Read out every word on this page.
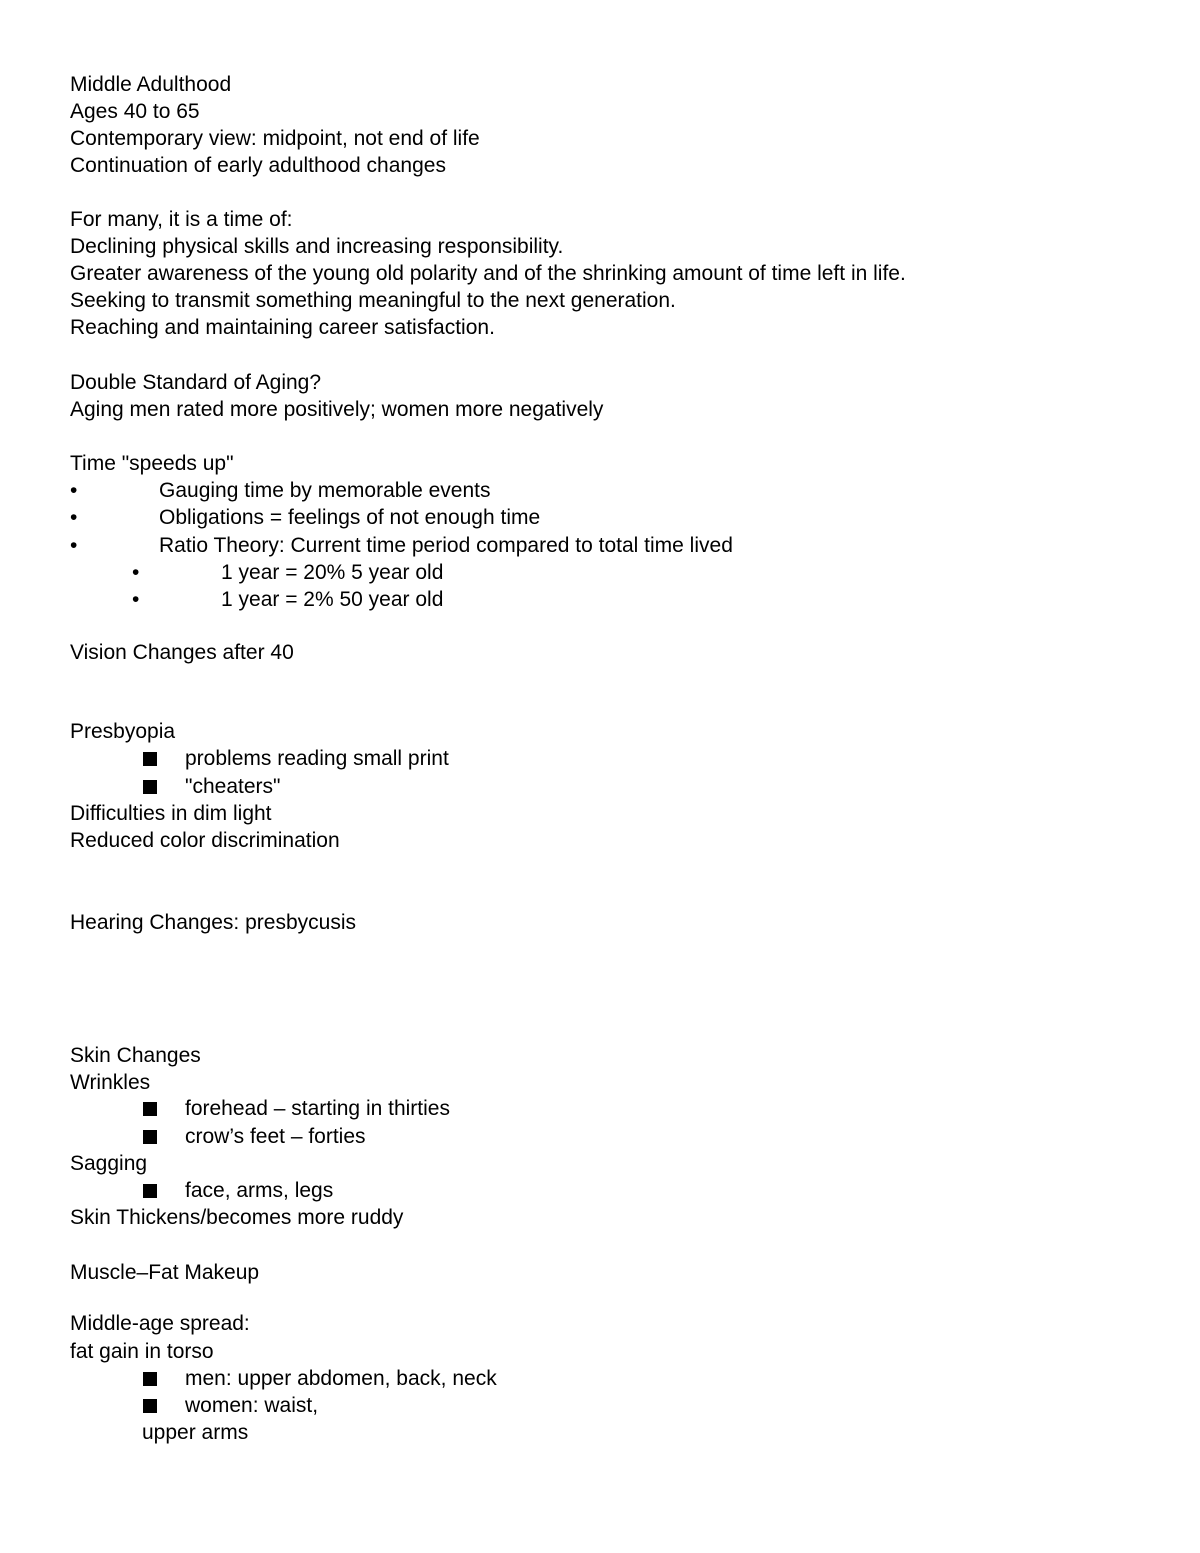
Middle Adulthood
Ages 40 to 65
Contemporary view: midpoint, not end of life
Continuation of early adulthood changes
For many, it is a time of:
Declining physical skills and increasing responsibility.
Greater awareness of the young old polarity and of the shrinking amount of time left in life.
Seeking to transmit something meaningful to the next generation.
Reaching and maintaining career satisfaction.
Double Standard of Aging?
Aging men rated more positively; women more negatively
Time "speeds up"
•	Gauging time by memorable events
•	Obligations = feelings of not enough time
•	Ratio Theory: Current time period compared to total time lived
•	1 year = 20% 5 year old
•	1 year = 2% 50 year old
Vision Changes after 40
Presbyopia
problems reading small print
"cheaters"
Difficulties in dim light
Reduced color discrimination
Hearing Changes: presbycusis
Skin Changes
Wrinkles
forehead – starting in thirties
crow’s feet – forties
Sagging
face, arms, legs
Skin Thickens/becomes more ruddy
Muscle–Fat Makeup
Middle-age spread:
fat gain in torso
men: upper abdomen, back, neck
women: waist,
upper arms
